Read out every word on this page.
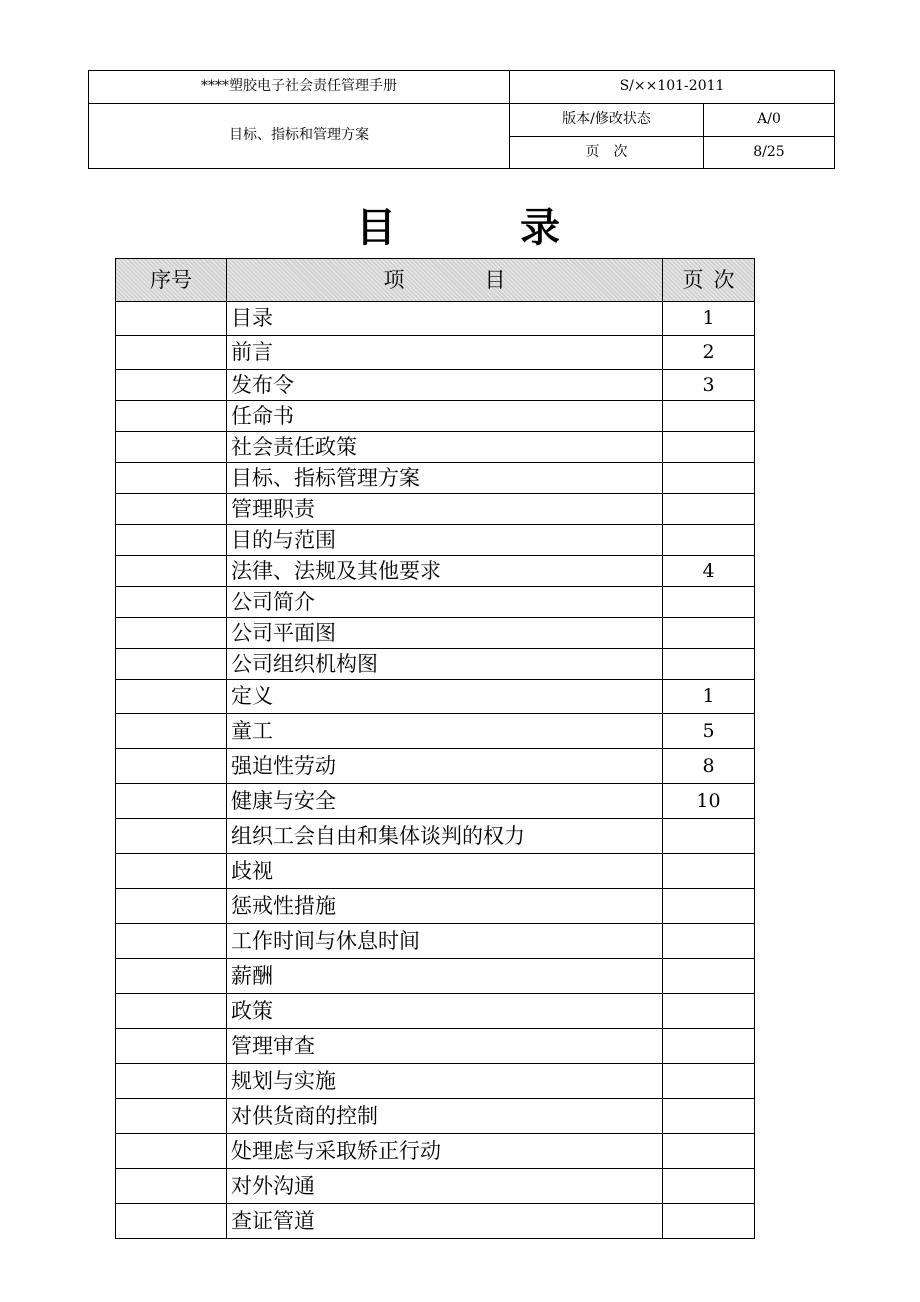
****塑胶电子社会责任管理手册	S/××101-2011	
目标、指标和管理方案	版本/修改状态	A/0
	页　次	8/25
目	录
序号	项 目	页 次
	目录	1
	前言	2
	发布令	3
	任命书	
	社会责任政策	
	目标、指标管理方案	
	管理职责	
	目的与范围	
	法律、法规及其他要求	4
	公司简介	
	公司平面图	
	公司组织机构图	
	定义	1
	童工	5
	强迫性劳动	8
	健康与安全	10
	组织工会自由和集体谈判的权力	
	歧视	
	惩戒性措施	
	工作时间与休息时间	
	薪酬	
	政策	
	管理审查	
	规划与实施	
	对供货商的控制	
	处理虑与采取矫正行动	
	对外沟通	
	查证管道	
